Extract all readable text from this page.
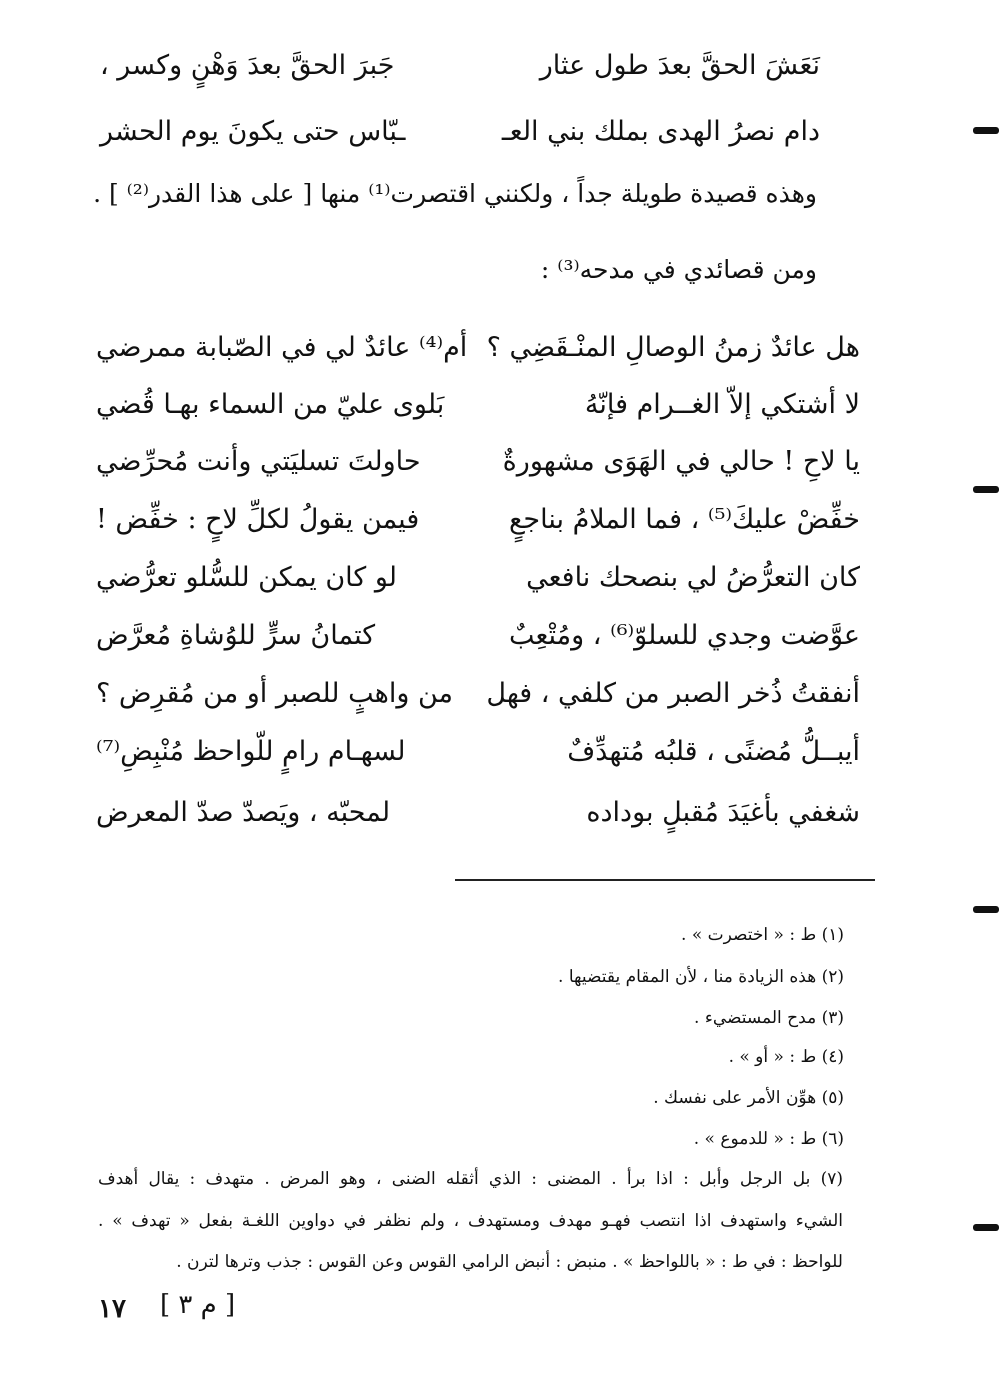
نَعَشَ الحقَّ بعدَ طول عثار
جَبرَ الحقَّ بعدَ وَهْنٍ وكسر ،
دام نصرُ الهدى بملك بني العـ
ـبّاس حتى يكونَ يوم الحشر
وهذه قصيدة طويلة جداً ، ولكنني اقتصرت⁽¹⁾ منها [ على هذا القدر⁽²⁾ ] .
ومن قصائدي في مدحه⁽³⁾ :
هل عائدٌ زمنُ الوصالِ المنْـقَضِي ؟
أم⁽⁴⁾ عائدٌ لي في الصّبابة ممرضي
لا أشتكي إلاّ الغــرام فإنّهُ
بَلوى عليّ من السماء بهـا قُضي
يا لاحِ ! حالي في الهَوَى مشهورةٌ
حاولتَ تسليَتي وأنت مُحرِّضي
خفِّضْ عليكَ⁽⁵⁾ ، فما الملامُ بناجعٍ
فيمن يقولُ لكلِّ لاحٍ : خفِّض !
كان التعرُّضُ لي بنصحك نافعي
لو كان يمكن للسُّلو تعرُّضي
عوَّضت وجدي للسلوّ⁽⁶⁾ ، ومُتْعِبٌ
كتمانُ سرٍّ للوُشاةِ مُعرَّض
أنفقتُ ذُخر الصبر من كلفي ، فهل
من واهبٍ للصبر أو من مُقرِض ؟
أيبــلُّ مُضنًى ، قلبُه مُتهدِّفٌ
لسهـام رامٍ للّواحظ مُنْبِضِ⁽⁷⁾
شغفي بأغيَدَ مُقبلٍ بوداده
لمحبّه ، ويَصدّ صدّ المعرض
(١) ط : « اختصرت » .
(٢) هذه الزيادة منا ، لأن المقام يقتضيها .
(٣) مدح المستضيء .
(٤) ط : « أو » .
(٥) هوِّن الأمر على نفسك .
(٦) ط : « للدموع » .
(٧) بل الرجل وأبل : اذا برأ . المضنى : الذي أثقله الضنى ، وهو المرض . متهدف : يقال أهدف
الشيء واستهدف اذا انتصب فهـو مهدف ومستهدف ، ولم نظفر في دواوين اللغـة بفعل « تهدف » .
للواحظ : في ط : « باللواحظ » . منبض : أنبض الرامي القوس وعن القوس : جذب وترها لترن .
١٧ [ م ٣ ]
